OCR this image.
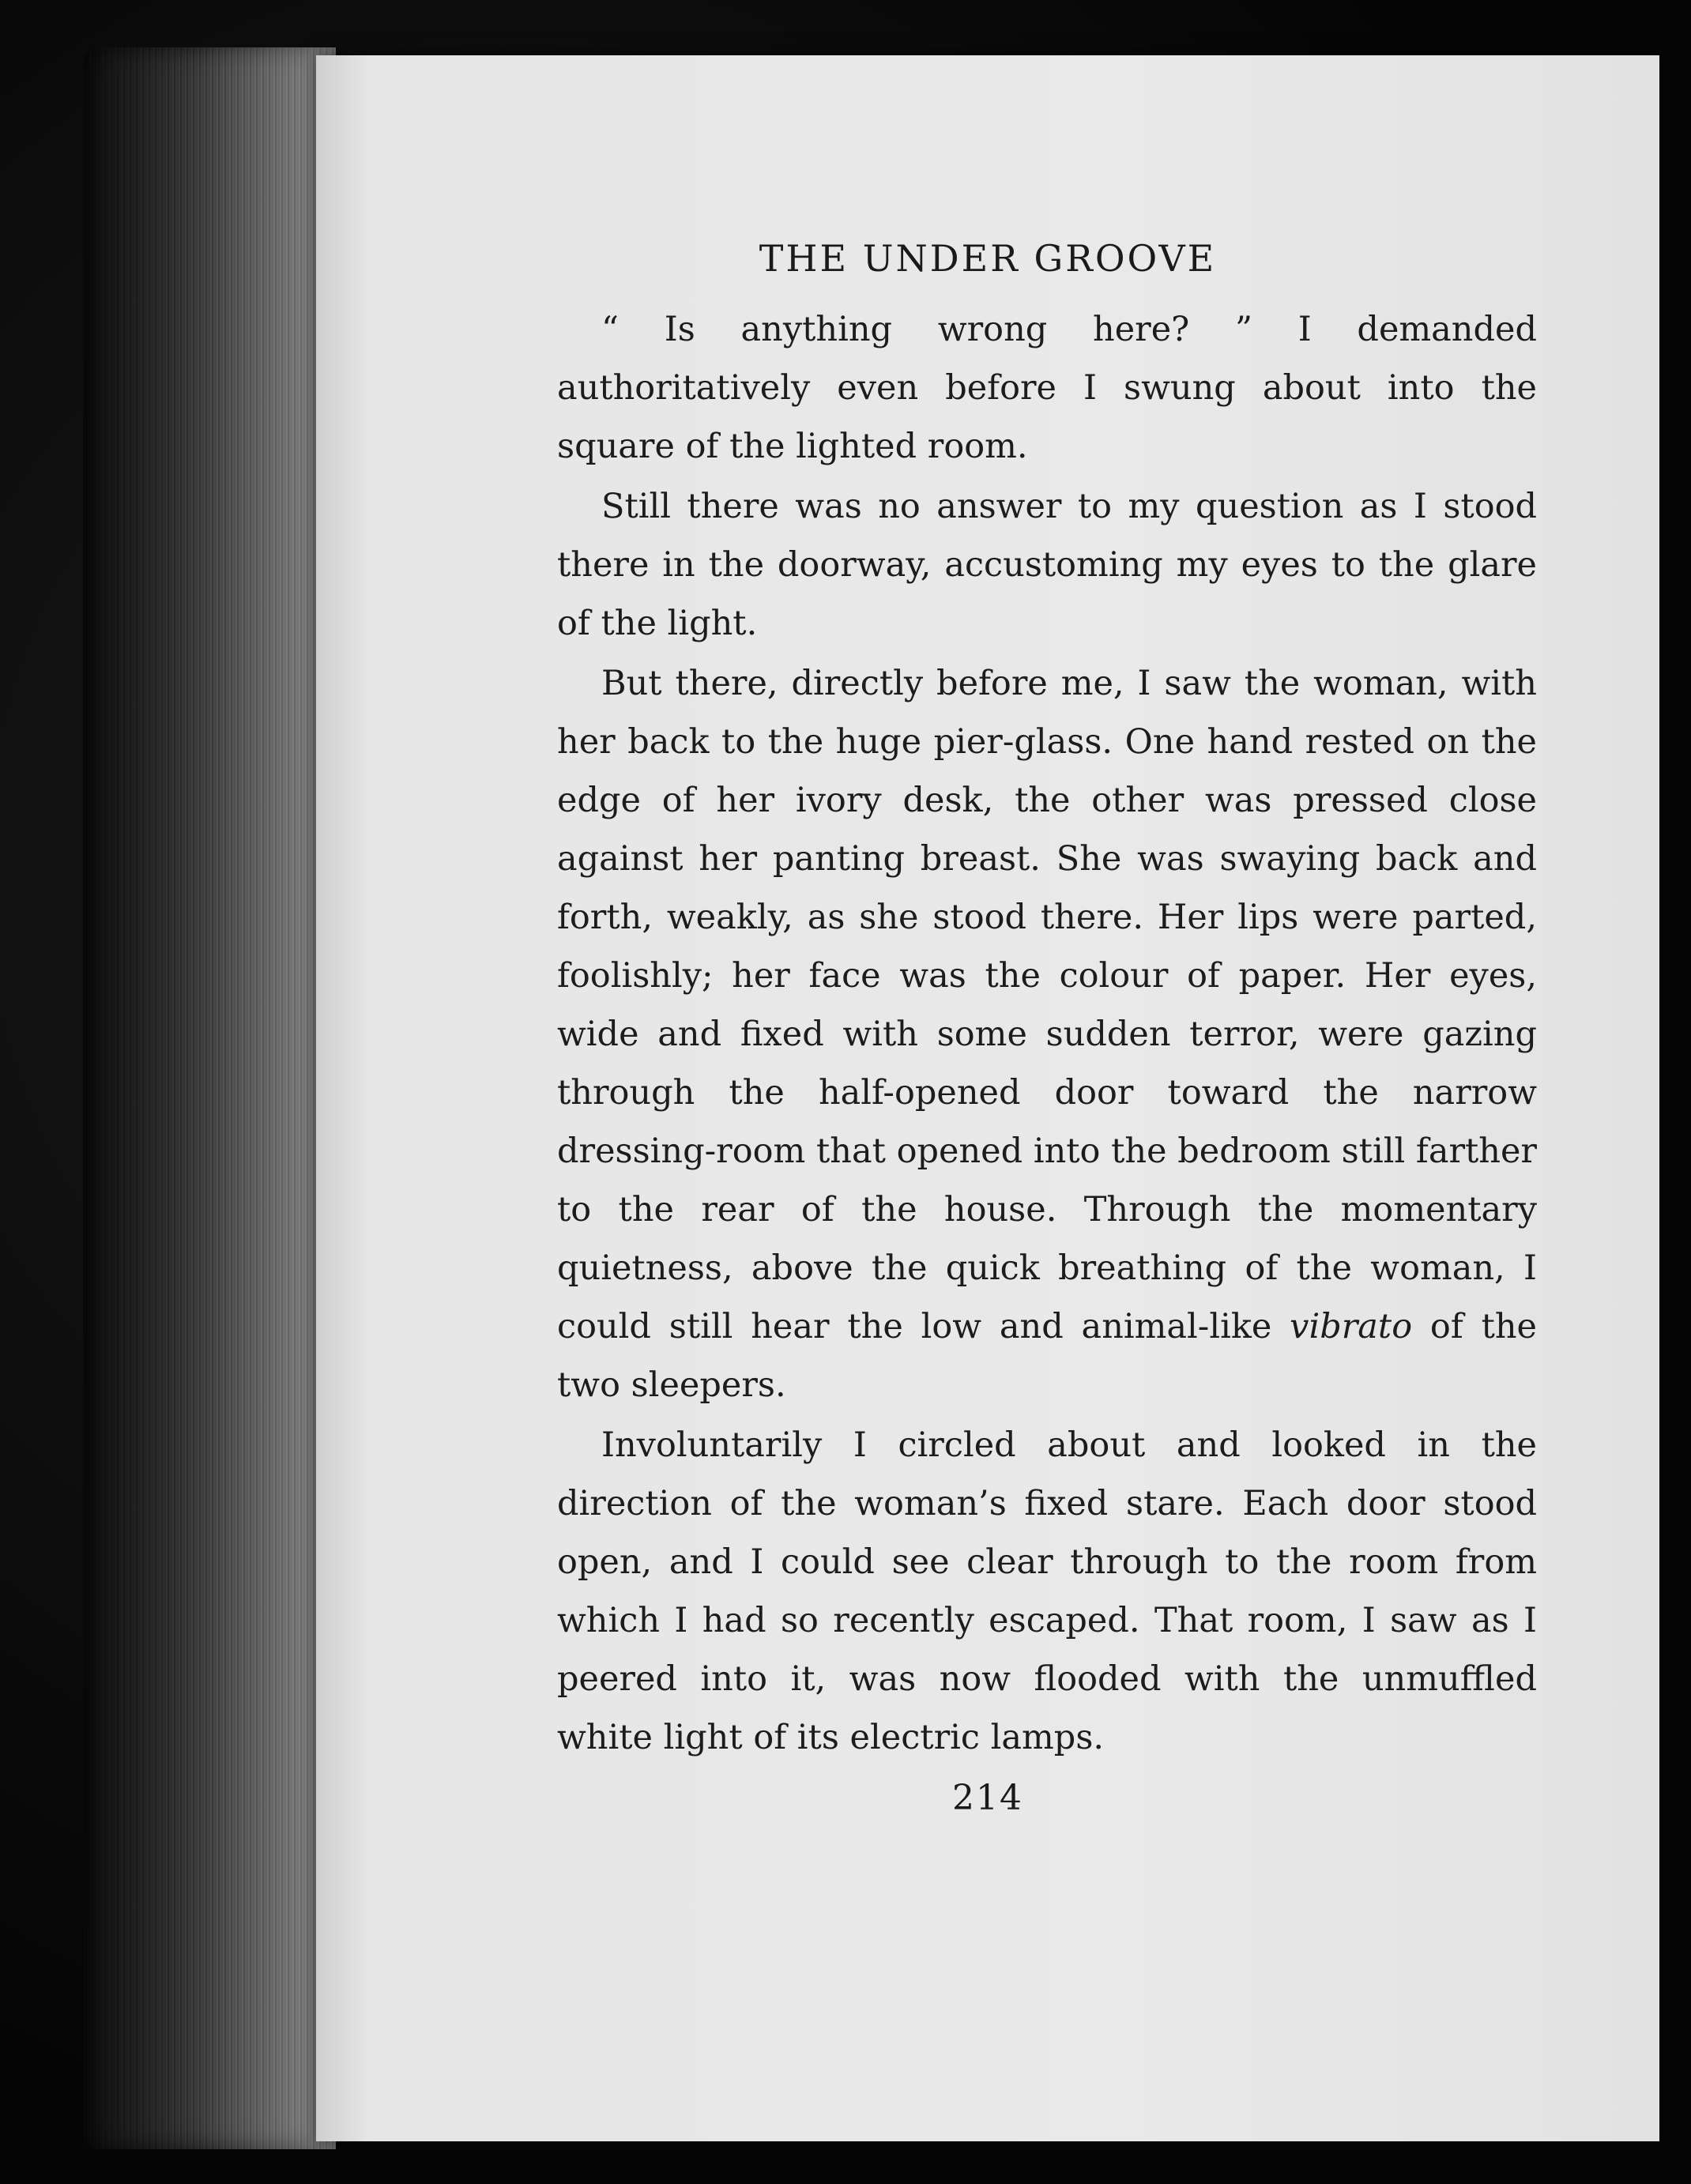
THE UNDER GROOVE

“ Is anything wrong here? ” I demanded authoritatively even before I swung about into the square of the lighted room.

Still there was no answer to my question as I stood there in the doorway, accustoming my eyes to the glare of the light.

But there, directly before me, I saw the woman, with her back to the huge pier-glass. One hand rested on the edge of her ivory desk, the other was pressed close against her panting breast. She was swaying back and forth, weakly, as she stood there. Her lips were parted, foolishly; her face was the colour of paper. Her eyes, wide and fixed with some sudden terror, were gazing through the half-opened door toward the narrow dressing-room that opened into the bedroom still farther to the rear of the house. Through the momentary quietness, above the quick breathing of the woman, I could still hear the low and animal-like vibrato of the two sleepers.

Involuntarily I circled about and looked in the direction of the woman’s fixed stare. Each door stood open, and I could see clear through to the room from which I had so recently escaped. That room, I saw as I peered into it, was now flooded with the unmuffled white light of its electric lamps.

214
